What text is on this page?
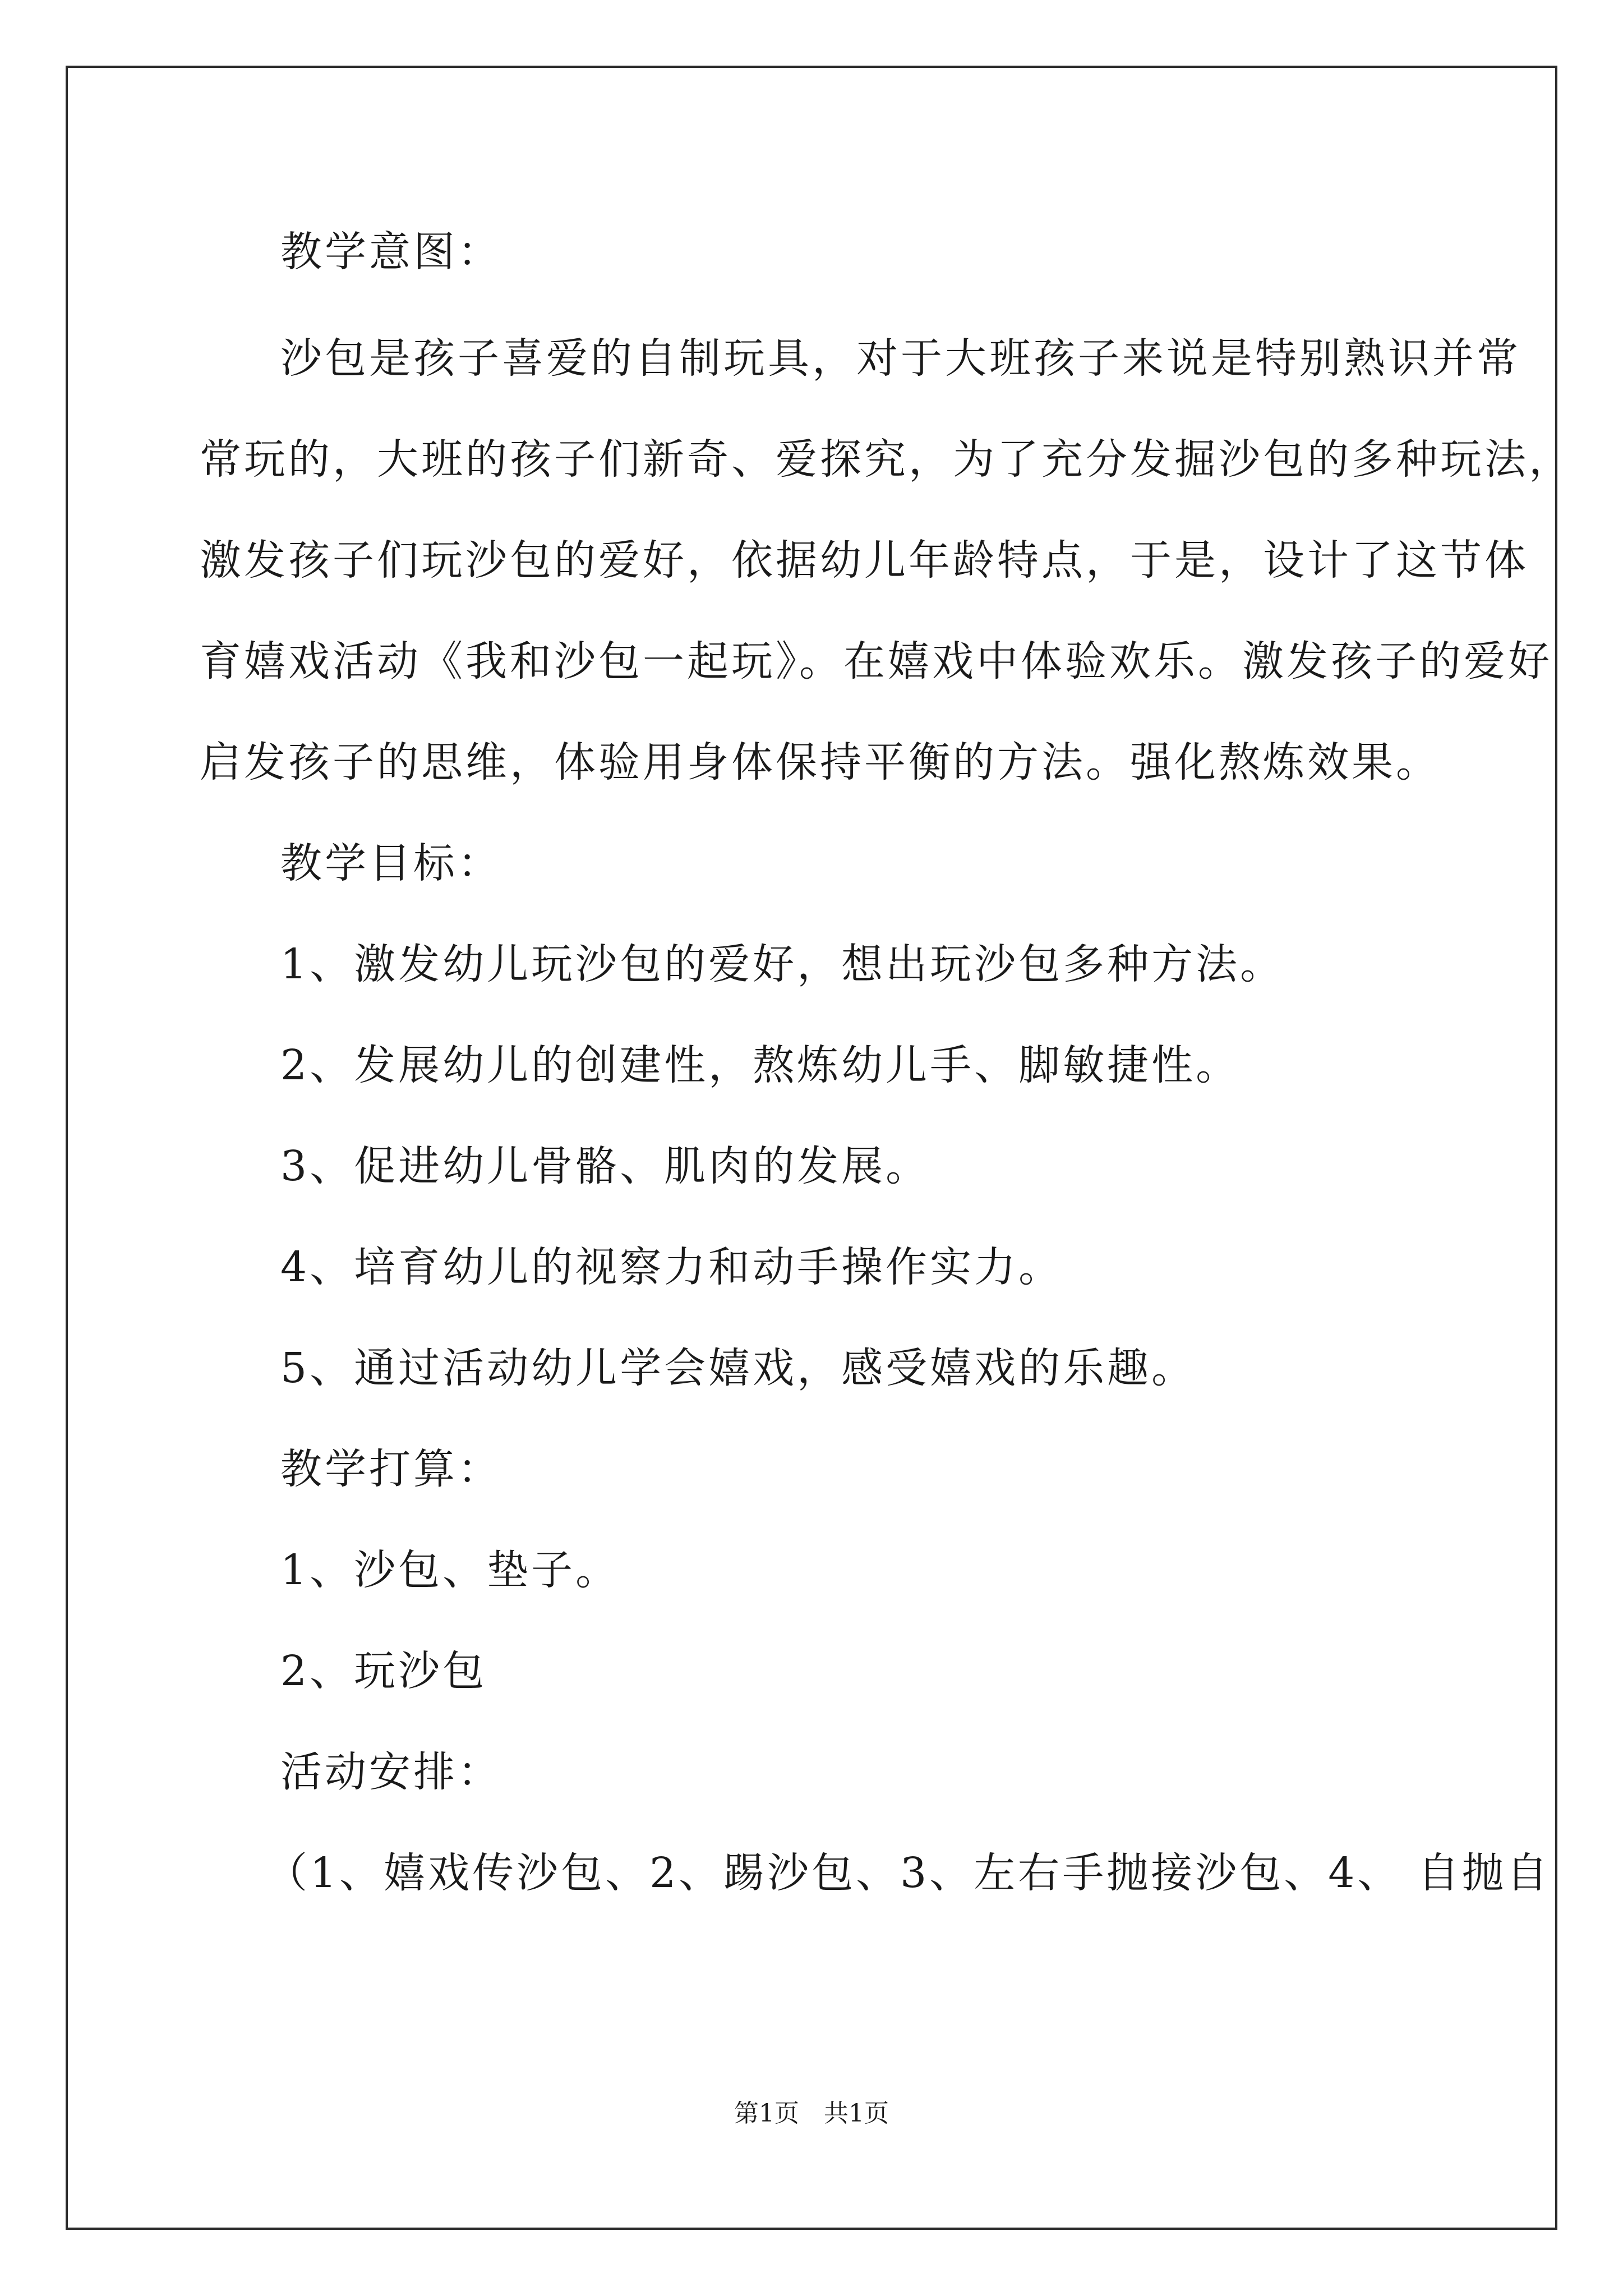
教学意图：
沙包是孩子喜爱的自制玩具，对于大班孩子来说是特别熟识并常
常玩的，大班的孩子们新奇、爱探究，为了充分发掘沙包的多种玩法，
激发孩子们玩沙包的爱好，依据幼儿年龄特点，于是，设计了这节体
育嬉戏活动《我和沙包一起玩》。在嬉戏中体验欢乐。激发孩子的爱好
启发孩子的思维，体验用身体保持平衡的方法。强化熬炼效果。
教学目标：
1、激发幼儿玩沙包的爱好，想出玩沙包多种方法。
2、发展幼儿的创建性，熬炼幼儿手、脚敏捷性。
3、促进幼儿骨骼、肌肉的发展。
4、培育幼儿的视察力和动手操作实力。
5、通过活动幼儿学会嬉戏，感受嬉戏的乐趣。
教学打算：
1、沙包、垫子。
2、玩沙包
活动安排：
（1、嬉戏传沙包、2、踢沙包、3、左右手抛接沙包、4、 自抛自
第1页　共1页
